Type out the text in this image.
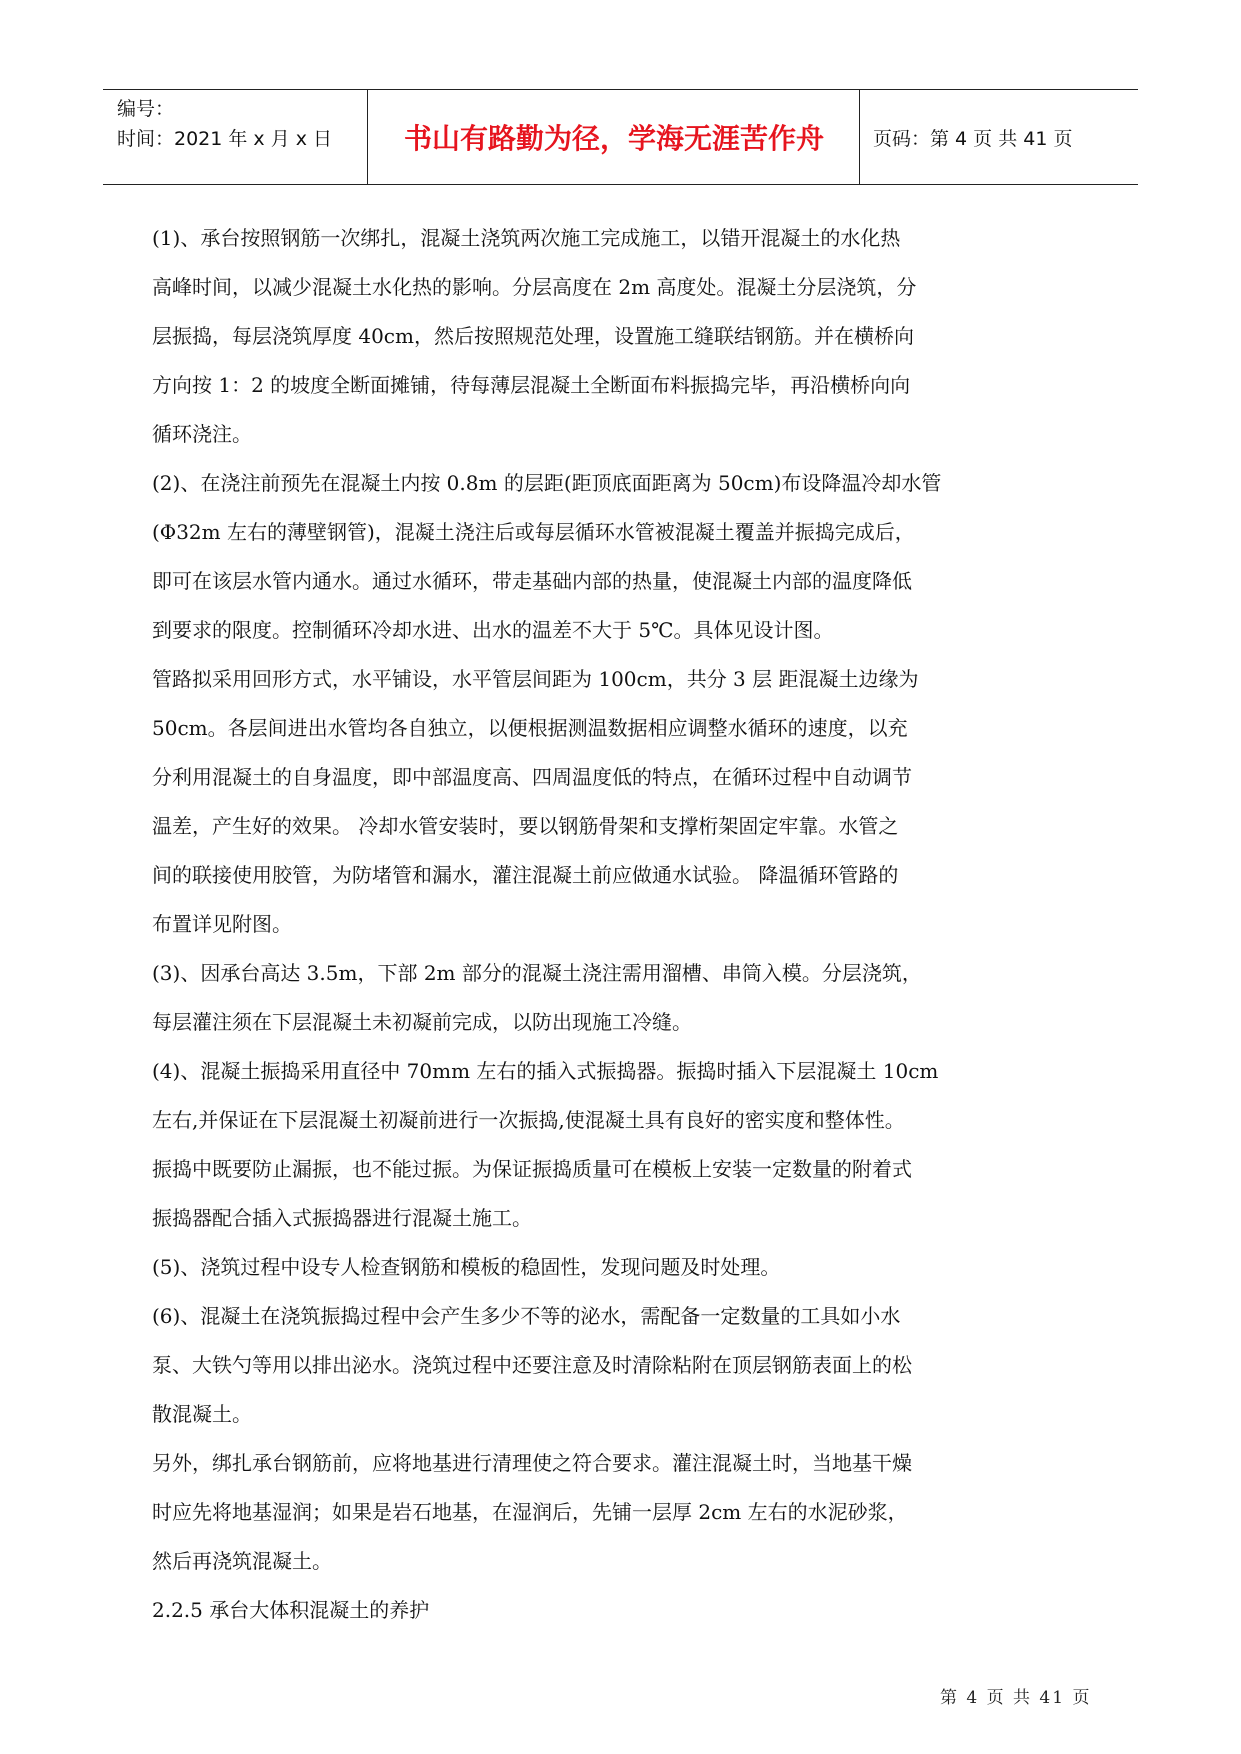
编号：
时间：2021 年 x 月 x 日	书山有路勤为径，学海无涯苦作舟	页码：第 4 页 共 41 页

(1)、承台按照钢筋一次绑扎，混凝土浇筑两次施工完成施工，以错开混凝土的水化热

高峰时间，以减少混凝土水化热的影响。分层高度在 2m 高度处。混凝土分层浇筑，分

层振捣，每层浇筑厚度 40cm，然后按照规范处理，设置施工缝联结钢筋。并在横桥向

方向按 1：2 的坡度全断面摊铺，待每薄层混凝土全断面布料振捣完毕，再沿横桥向向

循环浇注。

(2)、在浇注前预先在混凝土内按 0.8m 的层距(距顶底面距离为 50cm)布设降温冷却水管

(Φ32m 左右的薄壁钢管)，混凝土浇注后或每层循环水管被混凝土覆盖并振捣完成后，

即可在该层水管内通水。通过水循环，带走基础内部的热量，使混凝土内部的温度降低

到要求的限度。控制循环冷却水进、出水的温差不大于 5℃。具体见设计图。

管路拟采用回形方式，水平铺设，水平管层间距为 100cm，共分 3 层 距混凝土边缘为

50cm。各层间进出水管均各自独立，以便根据测温数据相应调整水循环的速度，以充

分利用混凝土的自身温度，即中部温度高、四周温度低的特点，在循环过程中自动调节

温差，产生好的效果。 冷却水管安装时，要以钢筋骨架和支撑桁架固定牢靠。水管之

间的联接使用胶管，为防堵管和漏水，灌注混凝土前应做通水试验。 降温循环管路的

布置详见附图。

(3)、因承台高达 3.5m，下部 2m 部分的混凝土浇注需用溜槽、串筒入模。分层浇筑，

每层灌注须在下层混凝土未初凝前完成，以防出现施工冷缝。

(4)、混凝土振捣采用直径中 70mm 左右的插入式振捣器。振捣时插入下层混凝土 10cm

左右,并保证在下层混凝土初凝前进行一次振捣,使混凝土具有良好的密实度和整体性。

振捣中既要防止漏振，也不能过振。为保证振捣质量可在模板上安装一定数量的附着式

振捣器配合插入式振捣器进行混凝土施工。

(5)、浇筑过程中设专人检查钢筋和模板的稳固性，发现问题及时处理。

(6)、混凝土在浇筑振捣过程中会产生多少不等的泌水，需配备一定数量的工具如小水

泵、大铁勺等用以排出泌水。浇筑过程中还要注意及时清除粘附在顶层钢筋表面上的松

散混凝土。

另外，绑扎承台钢筋前，应将地基进行清理使之符合要求。灌注混凝土时，当地基干燥

时应先将地基湿润；如果是岩石地基，在湿润后，先铺一层厚 2cm 左右的水泥砂浆，

然后再浇筑混凝土。

2.2.5 承台大体积混凝土的养护

第 4 页 共 41 页
